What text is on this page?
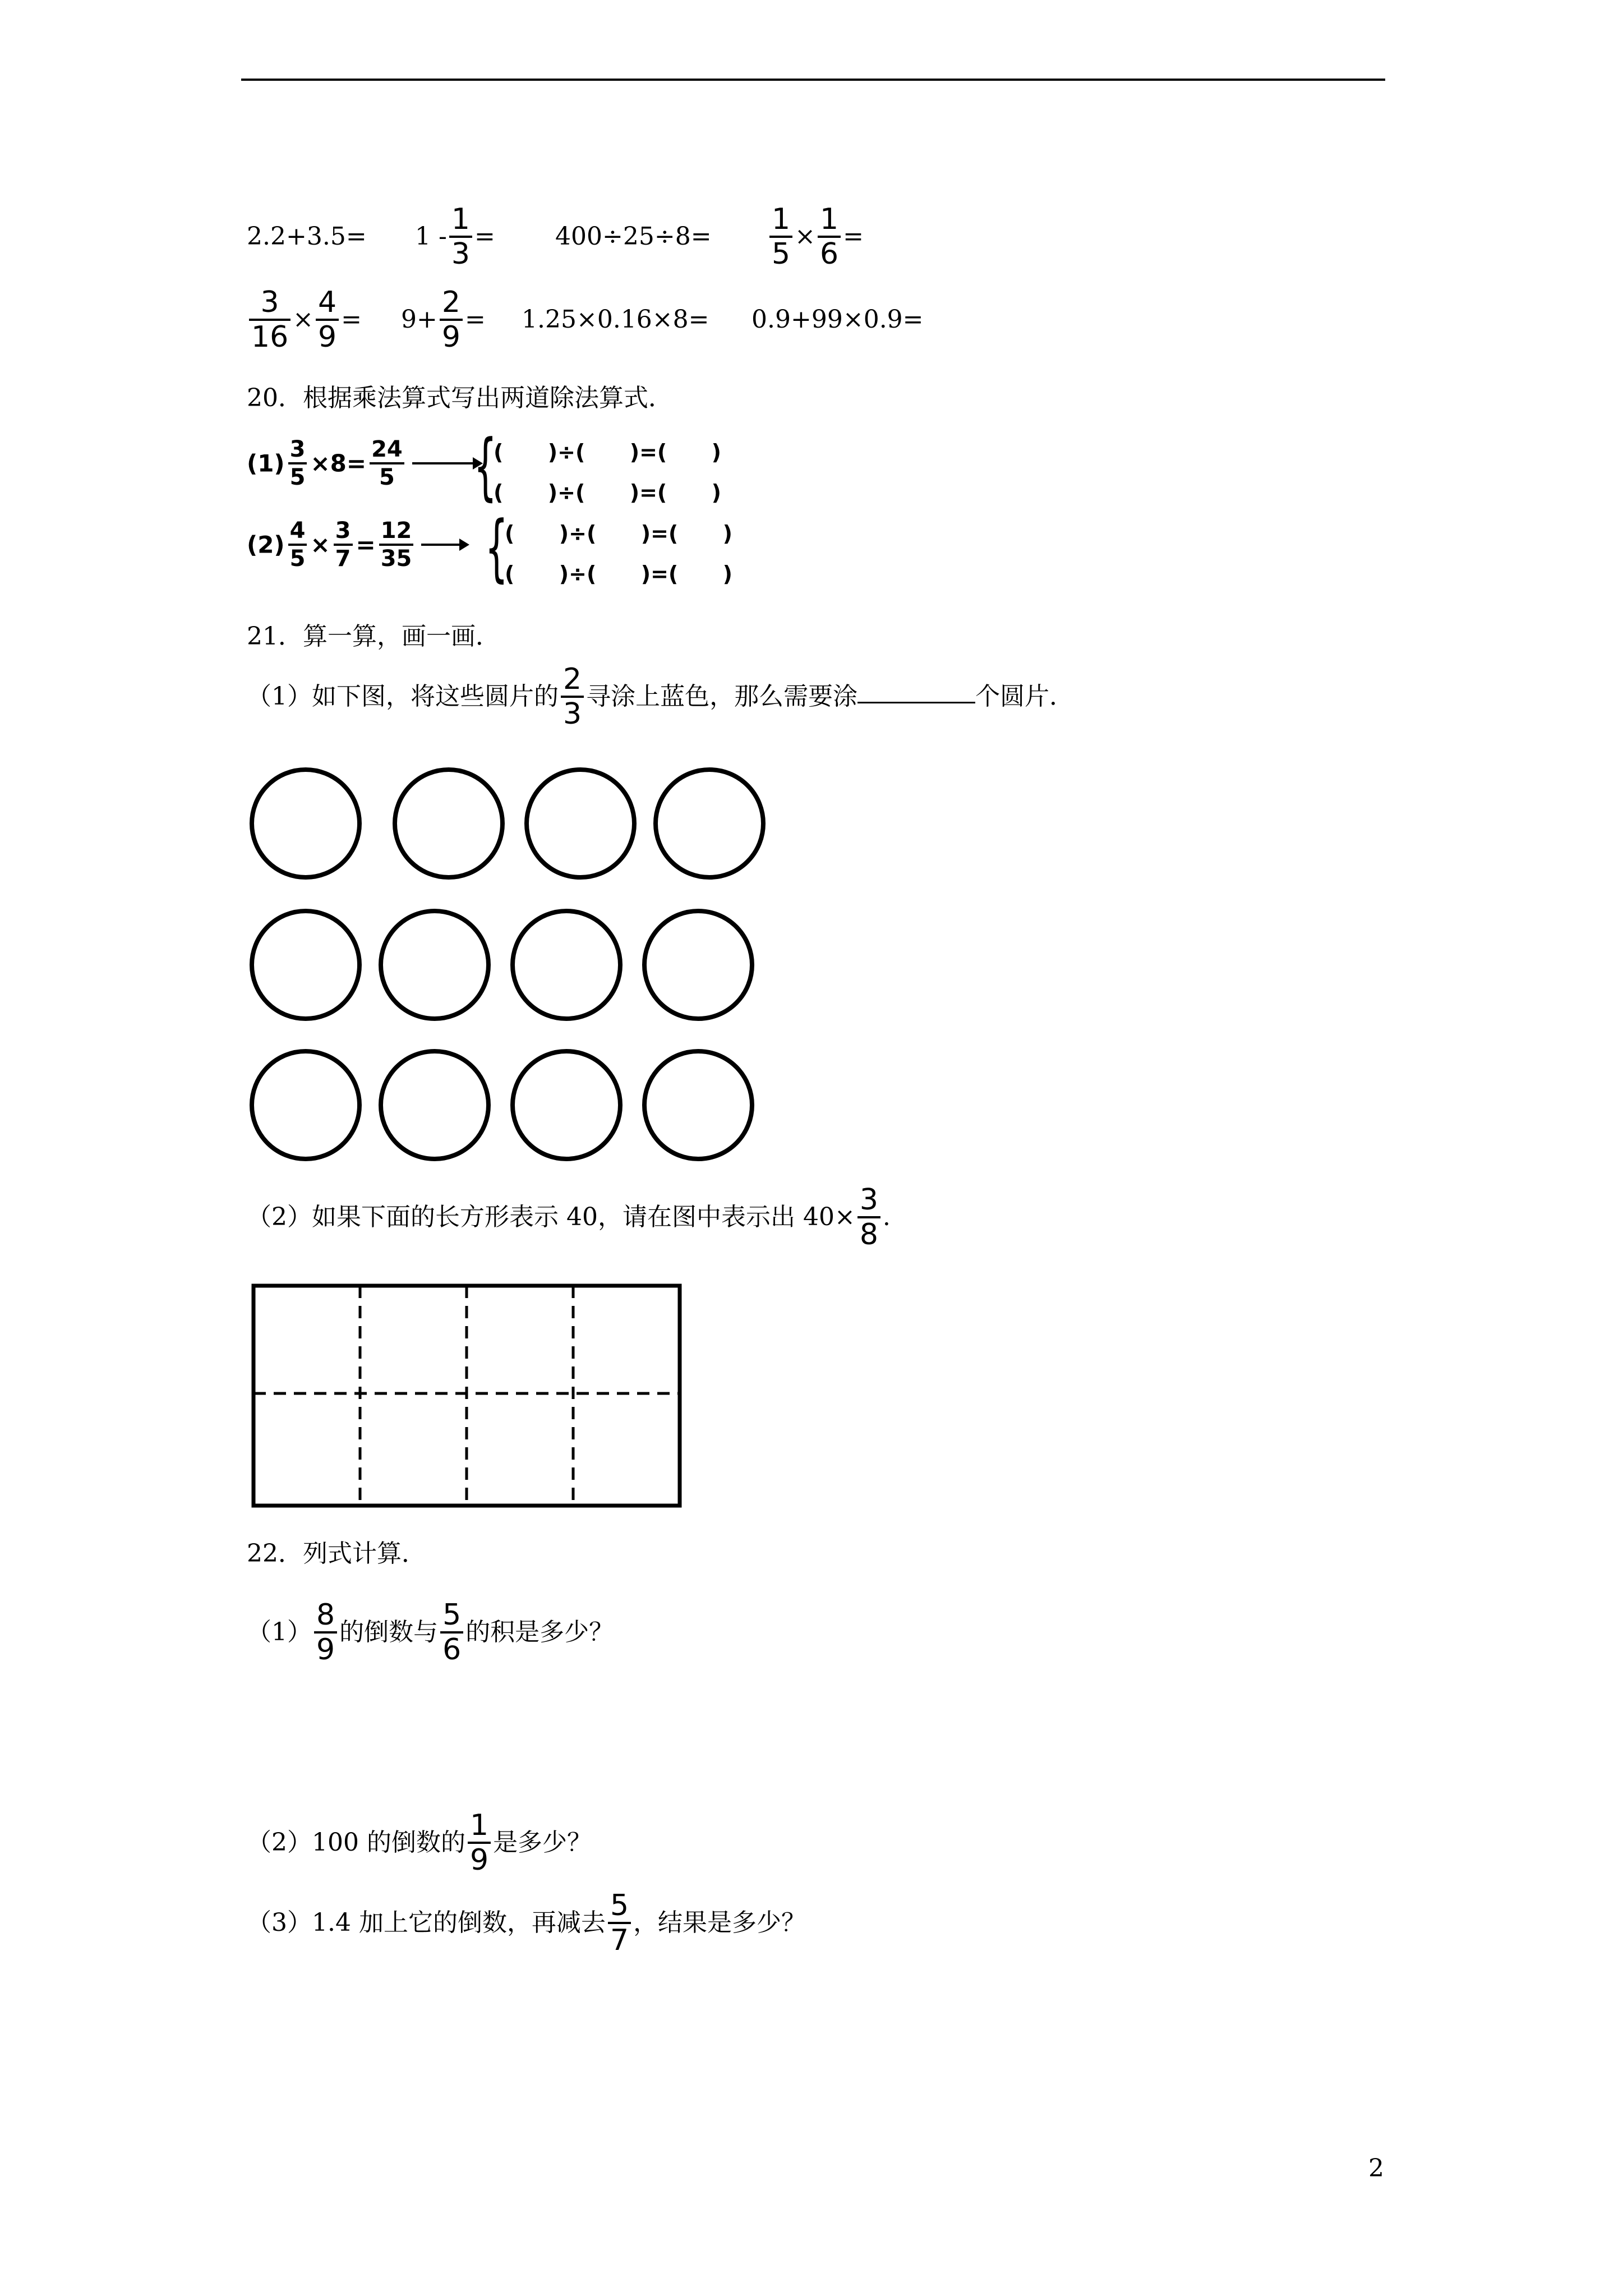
$2.2+3.5= 1 - \frac{1}{3} = 400\div 25\div 8= \frac{1}{5} \times \frac{1}{6}$ =
$\frac{3}{16} \times \frac{4}{9} = 9+ \frac{2}{9} = 1.25\times 0.16\times 8= 0.9+99\times 0.9=$
20．根据乘法算式写出两道除法算式．
$(1) \frac{3}{5} \times 8= \frac{24}{5}$ {
(      )÷(      )=(      )
(      )÷(      )=(      )
$(2) \frac{4}{5} \times \frac{3}{7} = \frac{12}{35}$ {
(      )÷(      )=(      )
(      )÷(      )=(      )
21．算一算，画一画．
（1）如下图，将这些圆片的 $\frac{2}{3}$ 寻涂上蓝色，那么需要涂	个圆片．
（2）如果下面的长方形表示 40，请在图中表示出 $40\times \frac{3}{8}$ .
22．列式计算．
$(1) \frac{8}{9}$ 的倒数与 $\frac{5}{6}$ 的积是多少？
（2）100 的倒数的 $\frac{1}{9}$ 是多少？
（3）1.4 加上它的倒数，再减去 $\frac{5}{7}$ ，结果是多少？
2
